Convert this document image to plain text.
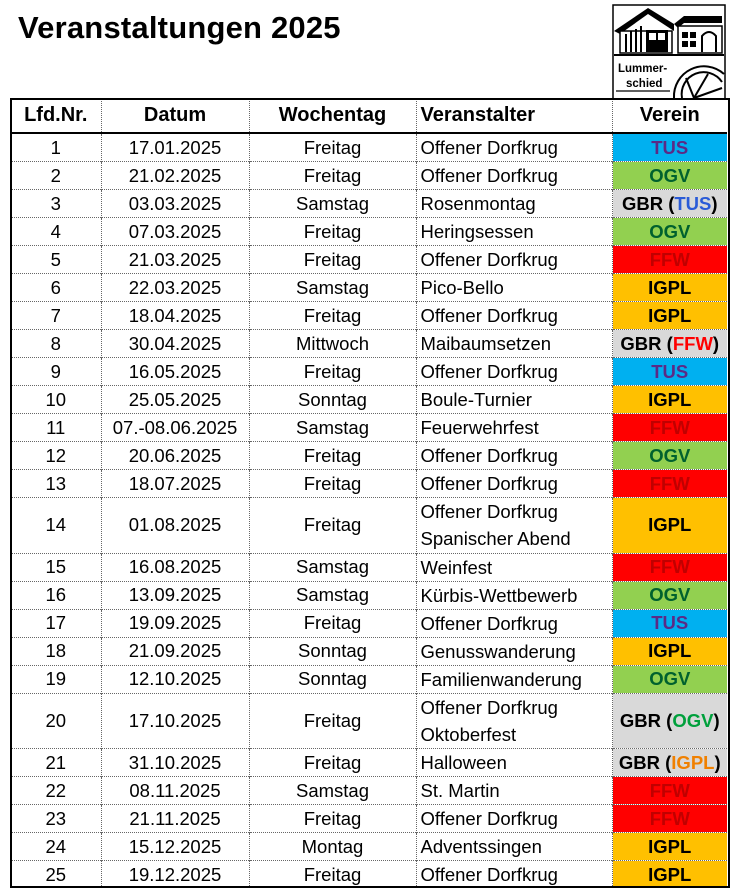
Veranstaltungen 2025
Lummer-
schied
Lfd.Nr.	Datum	Wochentag	Veranstalter	Verein
1	17.01.2025	Freitag	Offener Dorfkrug	TUS
2	21.02.2025	Freitag	Offener Dorfkrug	OGV
3	03.03.2025	Samstag	Rosenmontag	GBR (TUS)
4	07.03.2025	Freitag	Heringsessen	OGV
5	21.03.2025	Freitag	Offener Dorfkrug	FFW
6	22.03.2025	Samstag	Pico-Bello	IGPL
7	18.04.2025	Freitag	Offener Dorfkrug	IGPL
8	30.04.2025	Mittwoch	Maibaumsetzen	GBR (FFW)
9	16.05.2025	Freitag	Offener Dorfkrug	TUS
10	25.05.2025	Sonntag	Boule-Turnier	IGPL
11	07.-08.06.2025	Samstag	Feuerwehrfest	FFW
12	20.06.2025	Freitag	Offener Dorfkrug	OGV
13	18.07.2025	Freitag	Offener Dorfkrug	FFW
14	01.08.2025	Freitag	Offener Dorfkrug
Spanischer Abend	IGPL
15	16.08.2025	Samstag	Weinfest	FFW
16	13.09.2025	Samstag	Kürbis-Wettbewerb	OGV
17	19.09.2025	Freitag	Offener Dorfkrug	TUS
18	21.09.2025	Sonntag	Genusswanderung	IGPL
19	12.10.2025	Sonntag	Familienwanderung	OGV
20	17.10.2025	Freitag	Offener Dorfkrug
Oktoberfest	GBR (OGV)
21	31.10.2025	Freitag	Halloween	GBR (IGPL)
22	08.11.2025	Samstag	St. Martin	FFW
23	21.11.2025	Freitag	Offener Dorfkrug	FFW
24	15.12.2025	Montag	Adventssingen	IGPL
25	19.12.2025	Freitag	Offener Dorfkrug	IGPL
